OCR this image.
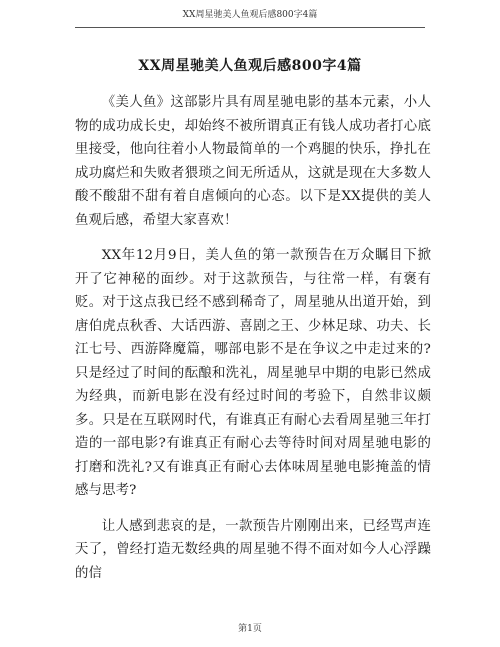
XX周星驰美人鱼观后感800字4篇
XX周星驰美人鱼观后感800字4篇

《美人鱼》这部影片具有周星驰电影的基本元素，小人物的成功成长史，却始终不被所谓真正有钱人成功者打心底里接受，他向往着小人物最简单的一个鸡腿的快乐，挣扎在成功腐烂和失败者猥琐之间无所适从，这就是现在大多数人酸不酸甜不甜有着自虐倾向的心态。以下是XX提供的美人鱼观后感，希望大家喜欢！

XX年12月9日，美人鱼的第一款预告在万众瞩目下掀开了它神秘的面纱。对于这款预告，与往常一样，有褒有贬。对于这点我已经不感到稀奇了，周星驰从出道开始，到唐伯虎点秋香、大话西游、喜剧之王、少林足球、功夫、长江七号、西游降魔篇，哪部电影不是在争议之中走过来的?只是经过了时间的酝酿和洗礼，周星驰早中期的电影已然成为经典，而新电影在没有经过时间的考验下，自然非议颇多。只是在互联网时代，有谁真正有耐心去看周星驰三年打造的一部电影?有谁真正有耐心去等待时间对周星驰电影的打磨和洗礼?又有谁真正有耐心去体味周星驰电影掩盖的情感与思考?

让人感到悲哀的是，一款预告片刚刚出来，已经骂声连天了，曾经打造无数经典的周星驰不得不面对如今人心浮躁的信

第1页
